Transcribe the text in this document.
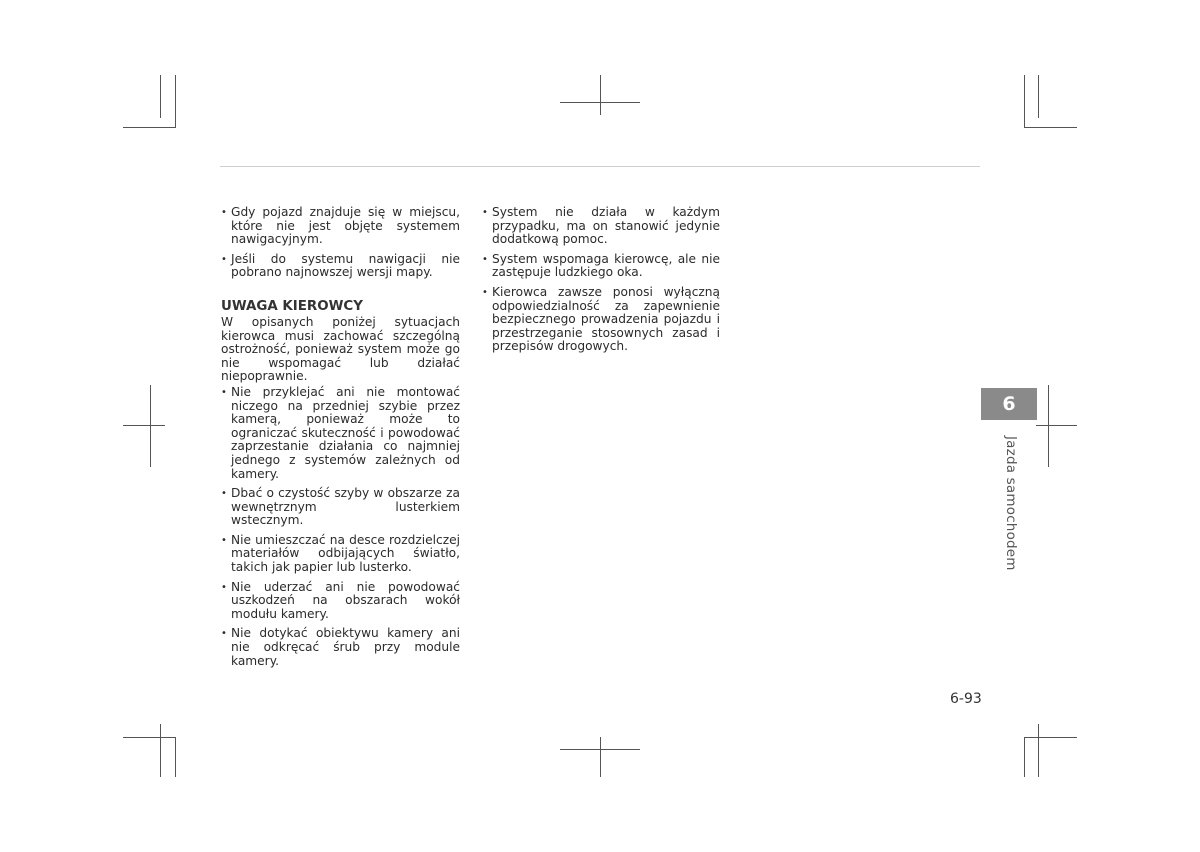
• Gdy pojazd znajduje się w miejscu, które nie jest objęte systemem nawigacyjnym.
• Jeśli do systemu nawigacji nie pobrano najnowszej wersji mapy.
UWAGA KIEROWCY

W opisanych poniżej sytuacjach kierowca musi zachować szczególną ostrożność, ponieważ system może go nie wspomagać lub działać niepoprawnie.

• Nie przyklejać ani nie montować niczego na przedniej szybie przez kamerą, ponieważ może to ograniczać skuteczność i powodować zaprzestanie działania co najmniej jednego z systemów zależnych od kamery.
• Dbać o czystość szyby w obszarze za wewnętrznym lusterkiem wstecznym.
• Nie umieszczać na desce rozdzielczej materiałów odbijających światło, takich jak papier lub lusterko.
• Nie uderzać ani nie powodować uszkodzeń na obszarach wokół modułu kamery.
• Nie dotykać obiektywu kamery ani nie odkręcać śrub przy module kamery.
• System nie działa w każdym przypadku, ma on stanowić jedynie dodatkową pomoc.
• System wspomaga kierowcę, ale nie zastępuje ludzkiego oka.
• Kierowca zawsze ponosi wyłączną odpowiedzialność za zapewnienie bezpiecznego prowadzenia pojazdu i przestrzeganie stosownych zasad i przepisów drogowych.
6
Jazda samochodem
6-93
